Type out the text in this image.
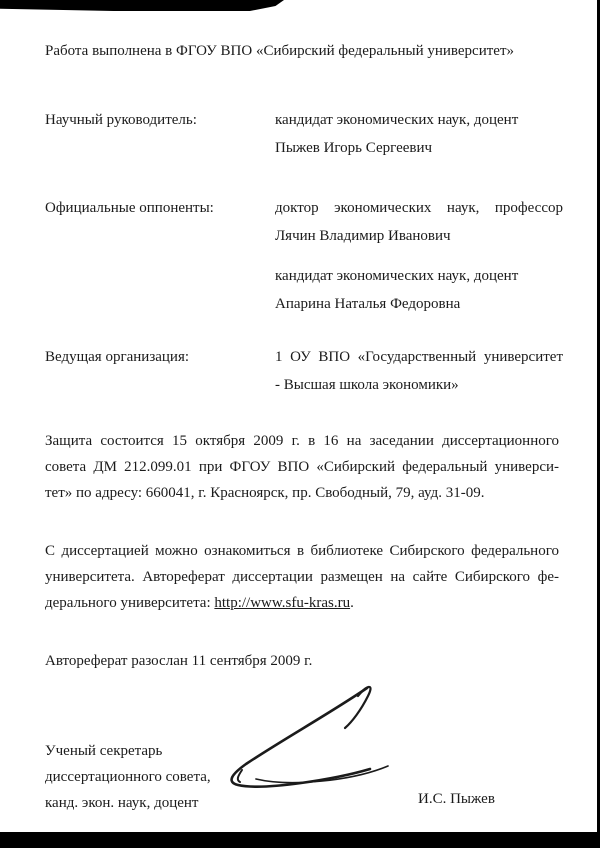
Работа выполнена в ФГОУ ВПО «Сибирский федеральный университет»
Научный руководитель:	кандидат экономических наук, доцент
Пыжев Игорь Сергеевич
Официальные оппоненты:	доктор экономических наук, профессор
Лячин Владимир Иванович
кандидат экономических наук, доцент
Апарина Наталья Федоровна
Ведущая организация:	1 ОУ ВПО «Государственный университет
- Высшая школа экономики»
Защита состоится 15 октября 2009 г. в 16 на заседании диссертационного
совета ДМ 212.099.01 при ФГОУ ВПО «Сибирский федеральный универси-
тет» по адресу: 660041, г. Красноярск, пр. Свободный, 79, ауд. 31-09.
С диссертацией можно ознакомиться в библиотеке Сибирского федерального
университета. Автореферат диссертации размещен на сайте Сибирского фе-
дерального университета: http://www.sfu-kras.ru.
Автореферат разослан 11 сентября 2009 г.
Ученый секретарь
диссертационного совета,
канд. экон. наук, доцент	И.С. Пыжев
